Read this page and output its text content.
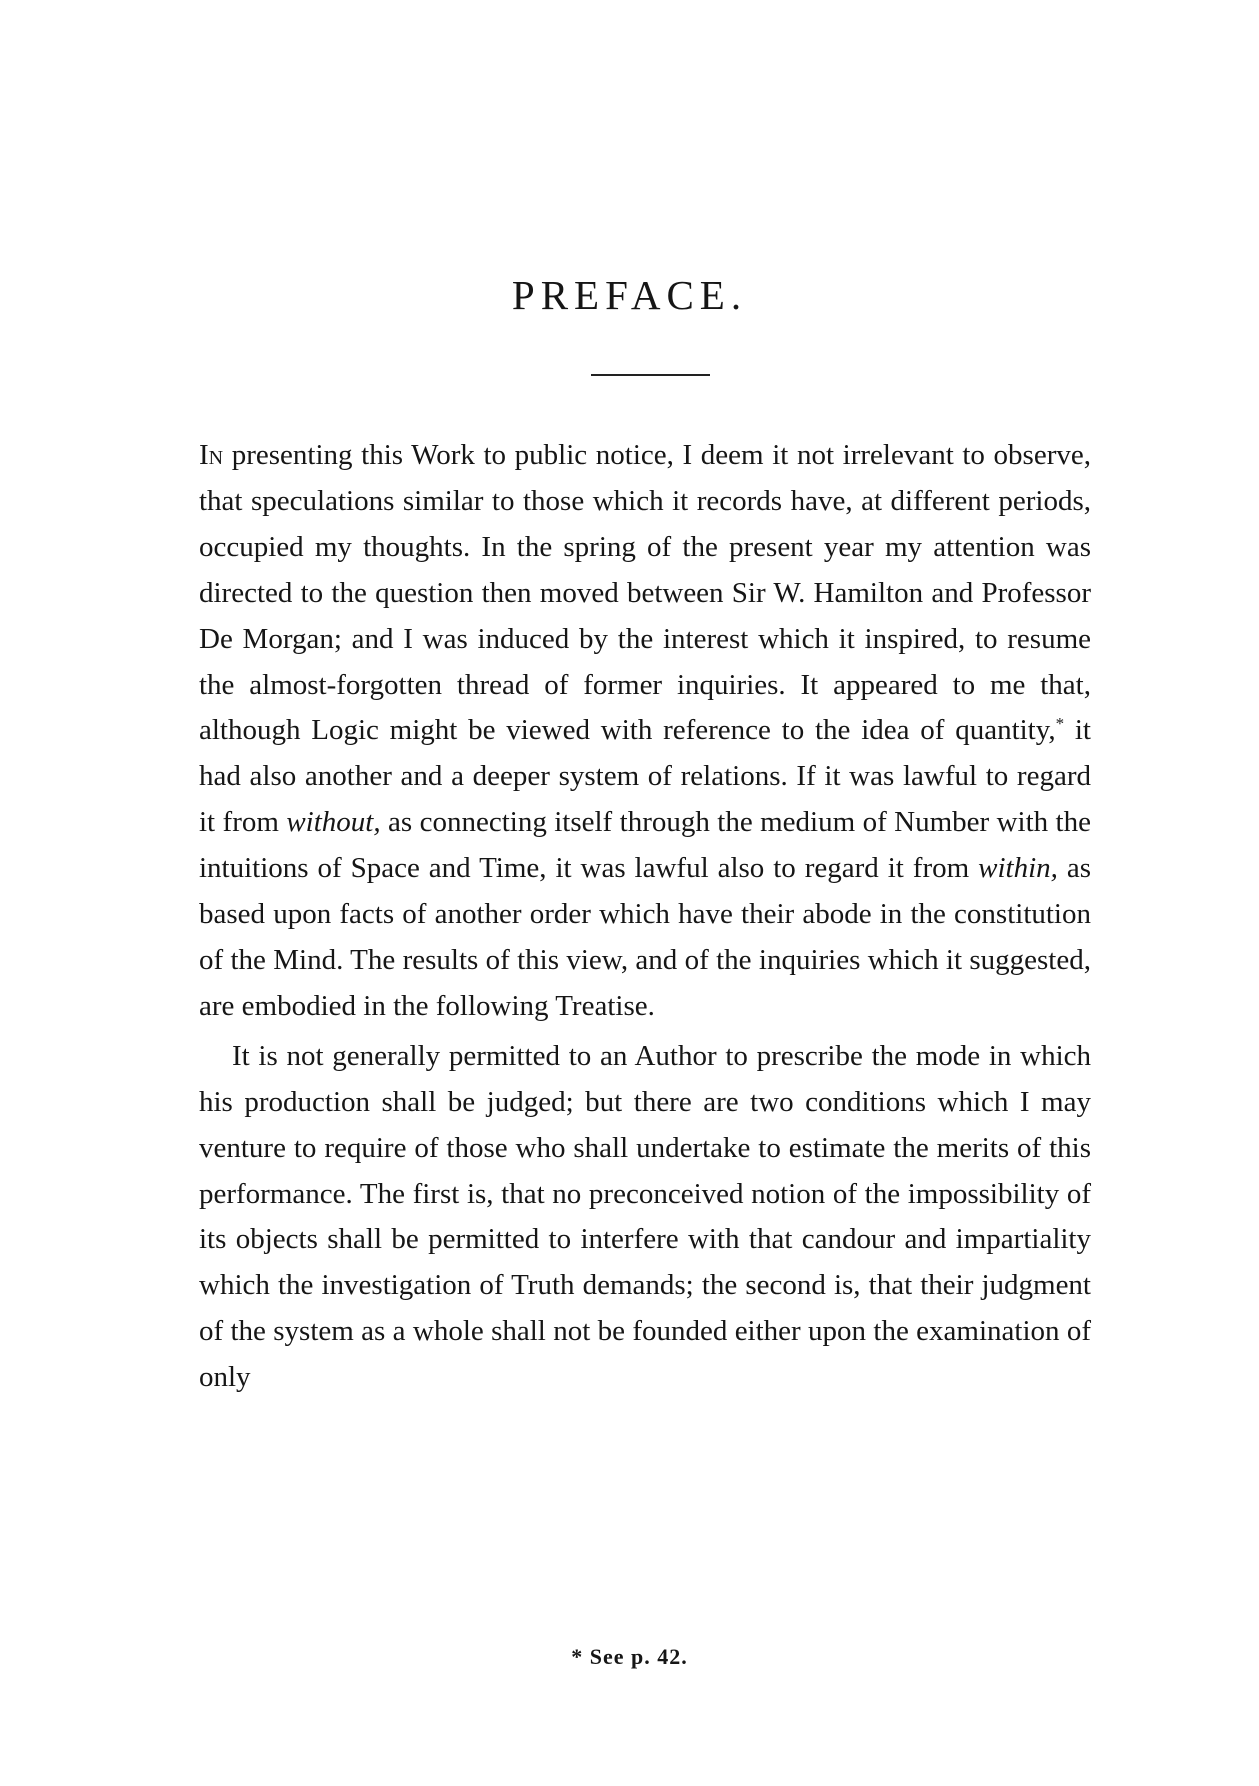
PREFACE.

In presenting this Work to public notice, I deem it not irrelevant to observe, that speculations similar to those which it records have, at different periods, occupied my thoughts. In the spring of the present year my attention was directed to the question then moved between Sir W. Hamilton and Professor De Morgan; and I was induced by the interest which it inspired, to resume the almost-forgotten thread of former inquiries. It appeared to me that, although Logic might be viewed with reference to the idea of quantity,* it had also another and a deeper system of relations. If it was lawful to regard it from without, as connecting itself through the medium of Number with the intuitions of Space and Time, it was lawful also to regard it from within, as based upon facts of another order which have their abode in the constitution of the Mind. The results of this view, and of the inquiries which it suggested, are embodied in the following Treatise.

It is not generally permitted to an Author to prescribe the mode in which his production shall be judged; but there are two conditions which I may venture to require of those who shall undertake to estimate the merits of this performance. The first is, that no preconceived notion of the impossibility of its objects shall be permitted to interfere with that candour and impartiality which the investigation of Truth demands; the second is, that their judgment of the system as a whole shall not be founded either upon the examination of only

* See p. 42.
